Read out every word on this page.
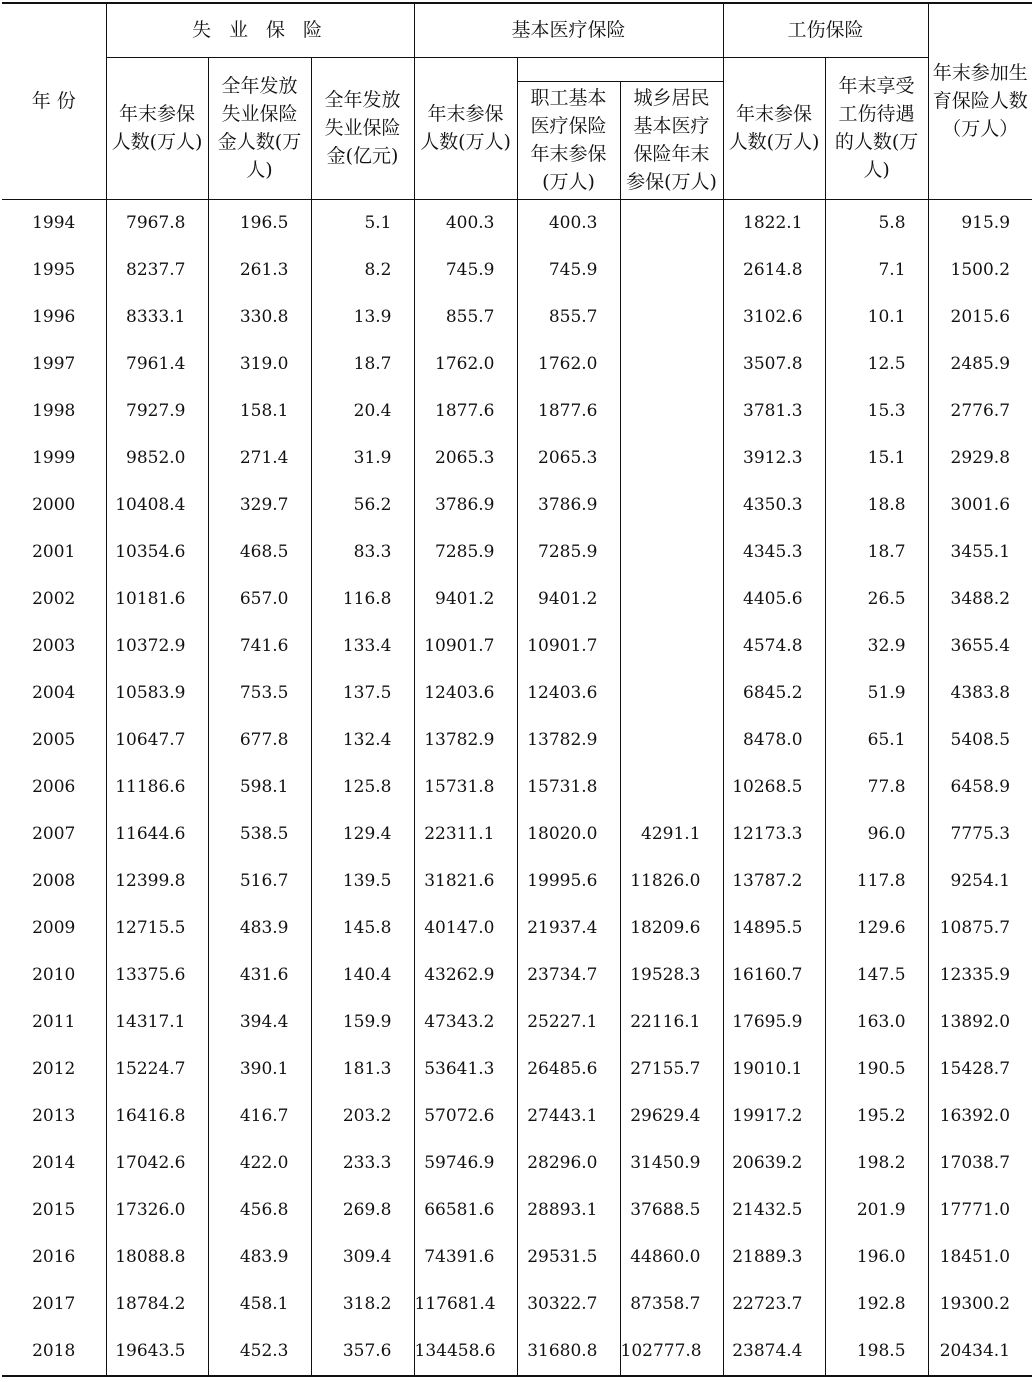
年 份	失 业 保 险			基本医疗保险			工伤保险		年末参加生育保险人数（万人）
	年末参保人数(万人)	全年发放失业保险金人数(万人)	全年发放失业保险金(亿元)	年末参保人数(万人)			年末参保人数(万人)	年末享受工伤待遇的人数(万人)	
					职工基本医疗保险年末参保(万人)	城乡居民基本医疗保险年末参保(万人)			
1994	7967.8	196.5	5.1	400.3	400.3		1822.1	5.8	915.9
1995	8237.7	261.3	8.2	745.9	745.9		2614.8	7.1	1500.2
1996	8333.1	330.8	13.9	855.7	855.7		3102.6	10.1	2015.6
1997	7961.4	319.0	18.7	1762.0	1762.0		3507.8	12.5	2485.9
1998	7927.9	158.1	20.4	1877.6	1877.6		3781.3	15.3	2776.7
1999	9852.0	271.4	31.9	2065.3	2065.3		3912.3	15.1	2929.8
2000	10408.4	329.7	56.2	3786.9	3786.9		4350.3	18.8	3001.6
2001	10354.6	468.5	83.3	7285.9	7285.9		4345.3	18.7	3455.1
2002	10181.6	657.0	116.8	9401.2	9401.2		4405.6	26.5	3488.2
2003	10372.9	741.6	133.4	10901.7	10901.7		4574.8	32.9	3655.4
2004	10583.9	753.5	137.5	12403.6	12403.6		6845.2	51.9	4383.8
2005	10647.7	677.8	132.4	13782.9	13782.9		8478.0	65.1	5408.5
2006	11186.6	598.1	125.8	15731.8	15731.8		10268.5	77.8	6458.9
2007	11644.6	538.5	129.4	22311.1	18020.0	4291.1	12173.3	96.0	7775.3
2008	12399.8	516.7	139.5	31821.6	19995.6	11826.0	13787.2	117.8	9254.1
2009	12715.5	483.9	145.8	40147.0	21937.4	18209.6	14895.5	129.6	10875.7
2010	13375.6	431.6	140.4	43262.9	23734.7	19528.3	16160.7	147.5	12335.9
2011	14317.1	394.4	159.9	47343.2	25227.1	22116.1	17695.9	163.0	13892.0
2012	15224.7	390.1	181.3	53641.3	26485.6	27155.7	19010.1	190.5	15428.7
2013	16416.8	416.7	203.2	57072.6	27443.1	29629.4	19917.2	195.2	16392.0
2014	17042.6	422.0	233.3	59746.9	28296.0	31450.9	20639.2	198.2	17038.7
2015	17326.0	456.8	269.8	66581.6	28893.1	37688.5	21432.5	201.9	17771.0
2016	18088.8	483.9	309.4	74391.6	29531.5	44860.0	21889.3	196.0	18451.0
2017	18784.2	458.1	318.2	117681.4	30322.7	87358.7	22723.7	192.8	19300.2
2018	19643.5	452.3	357.6	134458.6	31680.8	102777.8	23874.4	198.5	20434.1
